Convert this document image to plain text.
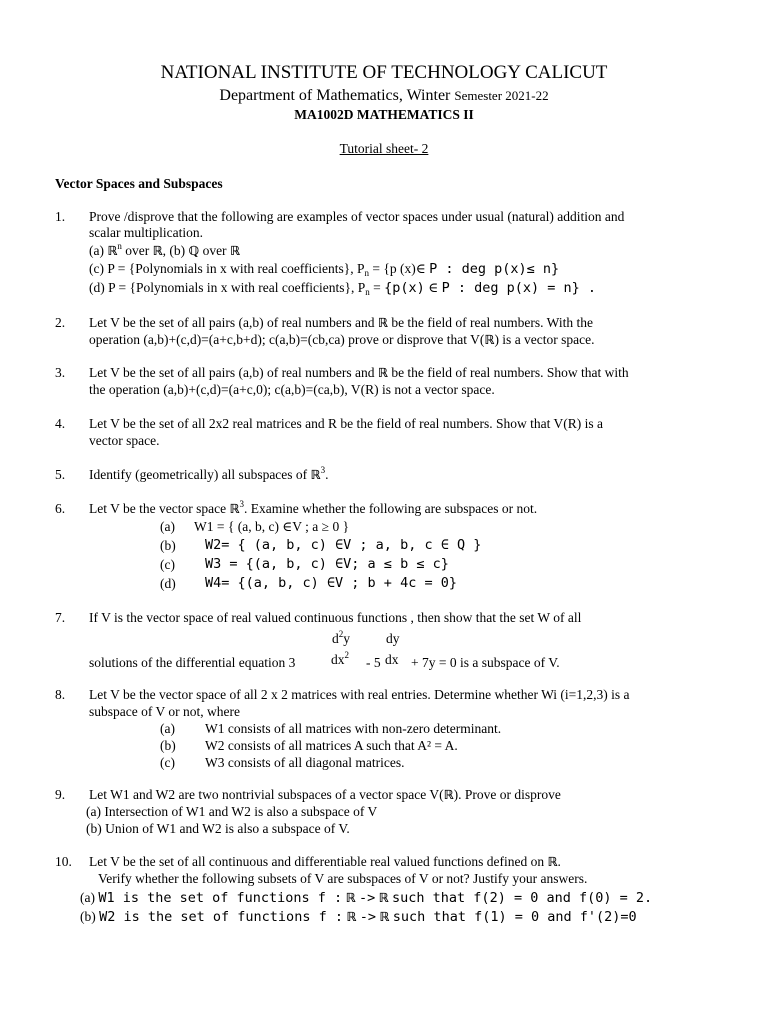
NATIONAL INSTITUTE OF TECHNOLOGY CALICUT
Department of Mathematics, Winter Semester 2021-22
MA1002D MATHEMATICS II
Tutorial sheet- 2
Vector Spaces and Subspaces
1. Prove /disprove that the following are examples of vector spaces under usual (natural) addition and
scalar multiplication.
(a) ℝ$^n$ over ℝ, (b) ℚ over ℝ
(c) P = {Polynomials in x with real coefficients}, $P_n = \{p$ (x)∈ P : deg p(x)≤ n}
(d) P = {Polynomials in x with real coefficients}, $P_n = \{p(x)$ ∈ P : deg p(x) = n} .
2. Let V be the set of all pairs (a,b) of real numbers and ℝ be the field of real numbers. With the
operation (a,b)+(c,d)=(a+c,b+d); c(a,b)=(cb,ca) prove or disprove that V(ℝ) is a vector space.
3. Let V be the set of all pairs (a,b) of real numbers and ℝ be the field of real numbers. Show that with
the operation (a,b)+(c,d)=(a+c,0); c(a,b)=(ca,b), V(R) is not a vector space.
4. Let V be the set of all 2x2 real matrices and R be the field of real numbers. Show that V(R) is a
vector space.
5. Identify (geometrically) all subspaces of ℝ$^3$.
6. Let V be the vector space ℝ$^3$. Examine whether the following are subspaces or not.
(a) W1 = { (a, b, c) ∈V ; a ≥ 0 }
(b) W2= { (a, b, c) ∈V ; a, b, c ∈ Q }
(c) W3 = {(a, b, c) ∈V; a ≤ b ≤ c}
(d) W4= {(a, b, c) ∈V ; b + 4c = 0}
7. If V is the vector space of real valued continuous functions , then show that the set W of all
$d^2y$	dy
solutions of the differential equation 3	$dx^2 - 5$ dx + 7y = 0 is a subspace of V.
8. Let V be the vector space of all 2 x 2 matrices with real entries. Determine whether Wi (i=1,2,3) is a
subspace of V or not, where
(a) W1 consists of all matrices with non-zero determinant.
(b) W2 consists of all matrices A such that A² = A.
(c) W3 consists of all diagonal matrices.
9. Let W1 and W2 are two nontrivial subspaces of a vector space V(ℝ). Prove or disprove
(a) Intersection of W1 and W2 is also a subspace of V
(b) Union of W1 and W2 is also a subspace of V.
10. Let V be the set of all continuous and differentiable real valued functions defined on ℝ.
Verify whether the following subsets of V are subspaces of V or not? Justify your answers.
(a) W1 is the set of functions f : ℝ -> ℝ such that f(2) = 0 and f(0) = 2.
(b) W2 is the set of functions f : ℝ -> ℝ such that f(1) = 0 and f'(2)=0
